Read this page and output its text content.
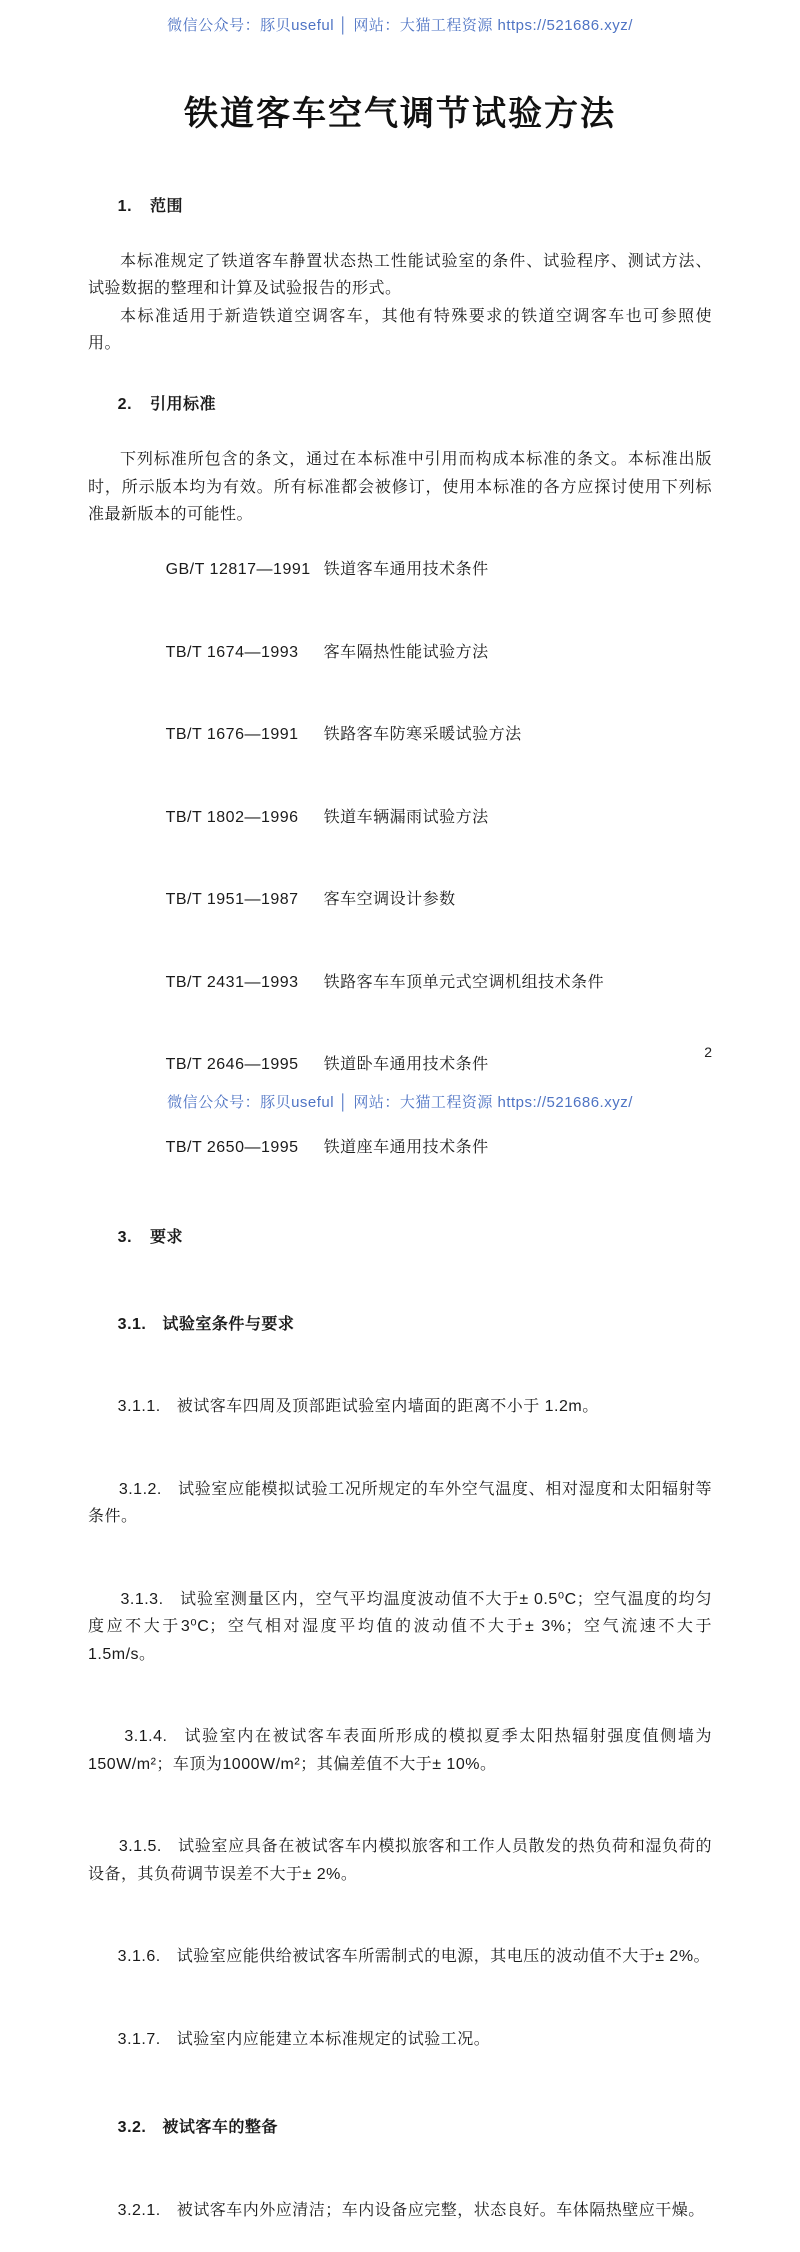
微信公众号：豚贝useful │ 网站：大猫工程资源 https://521686.xyz/
铁道客车空气调节试验方法

1. 范围

本标准规定了铁道客车静置状态热工性能试验室的条件、试验程序、测试方法、试验数据的整理和计算及试验报告的形式。

本标准适用于新造铁道空调客车，其他有特殊要求的铁道空调客车也可参照使用。

2. 引用标准

下列标准所包含的条文，通过在本标准中引用而构成本标准的条文。本标准出版时，所示版本均为有效。所有标准都会被修订，使用本标准的各方应探讨使用下列标准最新版本的可能性。

GB/T 12817—1991 铁道客车通用技术条件

TB/T 1674—1993 客车隔热性能试验方法

TB/T 1676—1991 铁路客车防寒采暖试验方法

TB/T 1802—1996 铁道车辆漏雨试验方法

TB/T 1951—1987 客车空调设计参数

TB/T 2431—1993 铁路客车车顶单元式空调机组技术条件

TB/T 2646—1995 铁道卧车通用技术条件

TB/T 2650—1995 铁道座车通用技术条件

3. 要求

3.1. 试验室条件与要求

3.1.1. 被试客车四周及顶部距试验室内墙面的距离不小于 1.2m。

3.1.2. 试验室应能模拟试验工况所规定的车外空气温度、相对湿度和太阳辐射等条件。

3.1.3. 试验室测量区内，空气平均温度波动值不大于± 0.5⁰C；空气温度的均匀度应不大于3⁰C；空气相对湿度平均值的波动值不大于± 3%；空气流速不大于1.5m/s。

3.1.4. 试验室内在被试客车表面所形成的模拟夏季太阳热辐射强度值侧墙为150W/m²；车顶为1000W/m²；其偏差值不大于± 10%。

3.1.5. 试验室应具备在被试客车内模拟旅客和工作人员散发的热负荷和湿负荷的设备，其负荷调节误差不大于± 2%。

3.1.6. 试验室应能供给被试客车所需制式的电源，其电压的波动值不大于± 2%。

3.1.7. 试验室内应能建立本标准规定的试验工况。

3.2. 被试客车的整备

3.2.1. 被试客车内外应清洁；车内设备应完整，状态良好。车体隔热壁应干燥。

2
微信公众号：豚贝useful │ 网站：大猫工程资源 https://521686.xyz/
